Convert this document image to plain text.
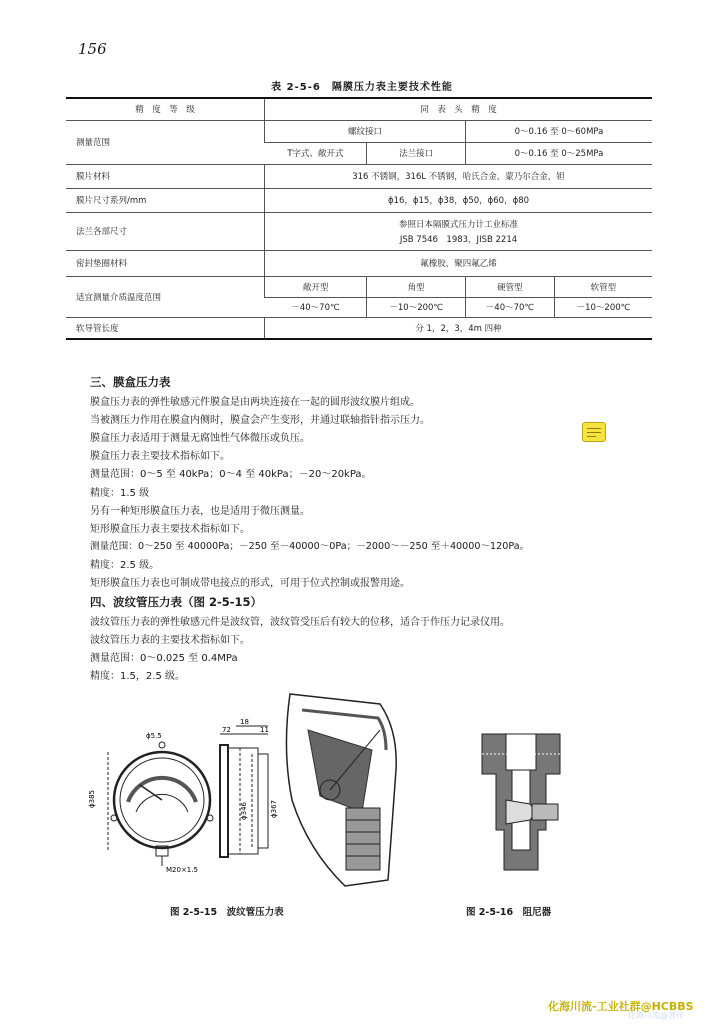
156
表 2-5-6　隔膜压力表主要技术性能
精　度　等　级	同　表　头　精　度			
测量范围	螺纹接口		0～0.16 至 0～60MPa	
	T字式、敞开式	法兰接口	0～0.16 至 0～25MPa	
膜片材料	316 不锈钢，316L 不锈钢，哈氏合金，蒙乃尔合金，钽			
膜片尺寸系列/mm	ϕ16，ϕ15，ϕ38，ϕ50，ϕ60，ϕ80			
法兰各部尺寸	参照日本隔膜式压力计工业标准
JSB 7546　1983，JISB 2214			

密封垫圈材料	氟橡胶，聚四氟乙烯			
适宜测量介质温度范围	敞开型	角型	硬管型	软管型
	－40～70℃	－10～200℃	－40～70℃	－10～200℃
软导管长度	分 1，2，3，4m 四种			
三、膜盒压力表
膜盒压力表的弹性敏感元件膜盒是由两块连接在一起的圆形波纹膜片组成。
当被测压力作用在膜盒内侧时，膜盒会产生变形，并通过联轴指针指示压力。
膜盒压力表适用于测量无腐蚀性气体微压或负压。
膜盒压力表主要技术指标如下。
测量范围：0～5 至 40kPa；0～4 至 40kPa；－20～20kPa。
精度：1.5 级
另有一种矩形膜盒压力表，也是适用于微压测量。
矩形膜盒压力表主要技术指标如下。
测量范围：0～250 至 40000Pa；－250 至－40000～0Pa；－2000～－250 至＋40000～120Pa。
精度：2.5 级。
矩形膜盒压力表也可制成带电接点的形式，可用于位式控制或报警用途。
四、波纹管压力表（图 2-5-15）
波纹管压力表的弹性敏感元件是波纹管，波纹管受压后有较大的位移，适合于作压力记录仪用。
波纹管压力表的主要技术指标如下。
测量范围：0～0.025 至 0.4MPa
精度：1.5，2.5 级。
ϕ5.5
ϕ385
M20×1.5
72
18
11
ϕ346	ϕ367
图 2-5-15　波纹管压力表	图 2-5-16　阻尼器
化海川流-工业社群@HCBBS
化海川流@著作
